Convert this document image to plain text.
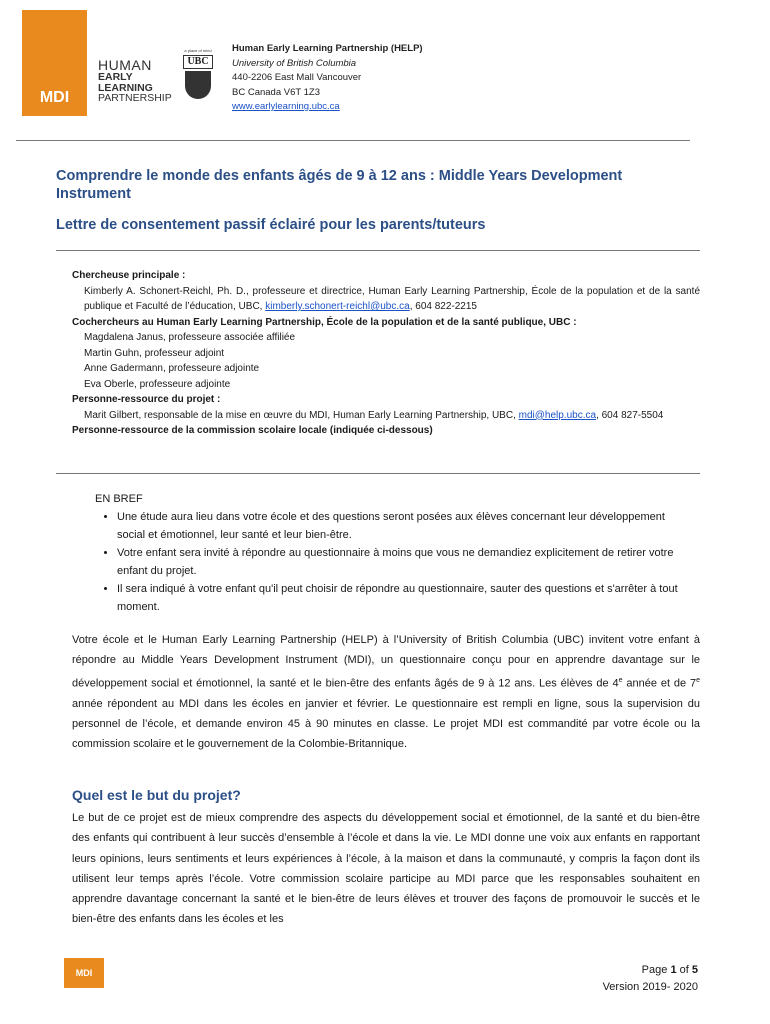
MDI
HUMAN
EARLY LEARNING
PARTNERSHIP
a place of mind
UBC
Human Early Learning Partnership (HELP)
University of British Columbia
440-2206 East Mall Vancouver
BC Canada V6T 1Z3
www.earlylearning.ubc.ca
Comprendre le monde des enfants âgés de 9 à 12 ans : Middle Years Development Instrument
Lettre de consentement passif éclairé pour les parents/tuteurs
Chercheuse principale :
Kimberly A. Schonert-Reichl, Ph. D., professeure et directrice, Human Early Learning Partnership, École de la population et de la santé publique et Faculté de l’éducation, UBC, kimberly.schonert-reichl@ubc.ca, 604 822-2215
Cochercheurs au Human Early Learning Partnership, École de la population et de la santé publique, UBC :
Magdalena Janus, professeure associée affiliée
Martin Guhn, professeur adjoint
Anne Gadermann, professeure adjointe
Eva Oberle, professeure adjointe
Personne-ressource du projet :
Marit Gilbert, responsable de la mise en œuvre du MDI, Human Early Learning Partnership, UBC, mdi@help.ubc.ca, 604 827-5504
Personne-ressource de la commission scolaire locale (indiquée ci-dessous)
EN BREF
• Une étude aura lieu dans votre école et des questions seront posées aux élèves concernant leur développement social et émotionnel, leur santé et leur bien-être.
• Votre enfant sera invité à répondre au questionnaire à moins que vous ne demandiez explicitement de retirer votre enfant du projet.
• Il sera indiqué à votre enfant qu'il peut choisir de répondre au questionnaire, sauter des questions et s'arrêter à tout moment.

Votre école et le Human Early Learning Partnership (HELP) à l’University of British Columbia (UBC) invitent votre enfant à répondre au Middle Years Development Instrument (MDI), un questionnaire conçu pour en apprendre davantage sur le développement social et émotionnel, la santé et le bien-être des enfants âgés de 9 à 12 ans. Les élèves de 4e année et de 7e année répondent au MDI dans les écoles en janvier et février. Le questionnaire est rempli en ligne, sous la supervision du personnel de l’école, et demande environ 45 à 90 minutes en classe. Le projet MDI est commandité par votre école ou la commission scolaire et le gouvernement de la Colombie-Britannique.

Quel est le but du projet?

Le but de ce projet est de mieux comprendre des aspects du développement social et émotionnel, de la santé et du bien-être des enfants qui contribuent à leur succès d’ensemble à l’école et dans la vie. Le MDI donne une voix aux enfants en rapportant leurs opinions, leurs sentiments et leurs expériences à l’école, à la maison et dans la communauté, y compris la façon dont ils utilisent leur temps après l’école. Votre commission scolaire participe au MDI parce que les responsables souhaitent en apprendre davantage concernant la santé et le bien-être de leurs élèves et trouver des façons de promouvoir le succès et le bien-être des enfants dans les écoles et les

MDI	Page 1 of 5
Version 2019- 2020
